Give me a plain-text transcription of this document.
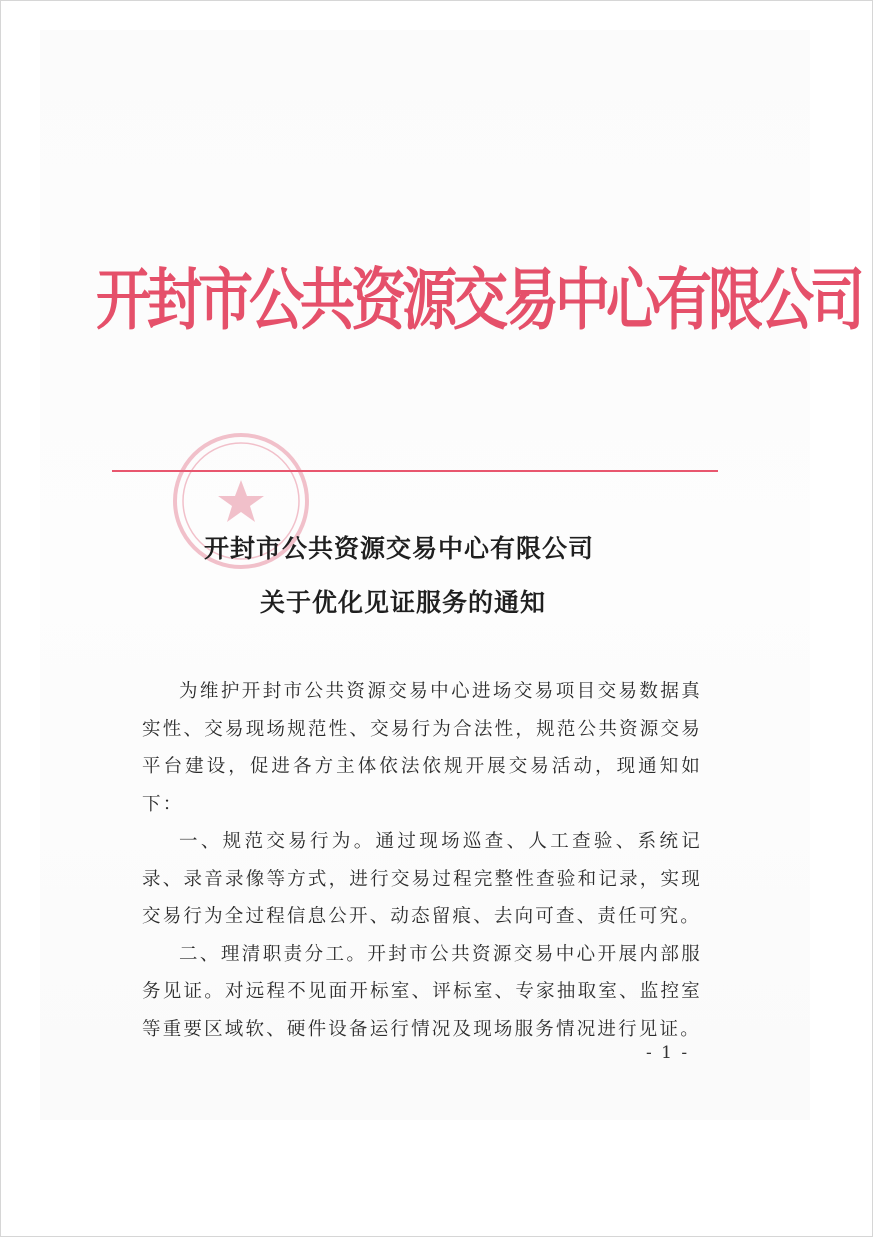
开封市公共资源交易中心有限公司
开封市公共资源交易中心有限公司
关于优化见证服务的通知

为维护开封市公共资源交易中心进场交易项目交易数据真实性、交易现场规范性、交易行为合法性，规范公共资源交易平台建设，促进各方主体依法依规开展交易活动，现通知如下：

一、规范交易行为。通过现场巡查、人工查验、系统记录、录音录像等方式，进行交易过程完整性查验和记录，实现交易行为全过程信息公开、动态留痕、去向可查、责任可究。

二、理清职责分工。开封市公共资源交易中心开展内部服务见证。对远程不见面开标室、评标室、专家抽取室、监控室等重要区域软、硬件设备运行情况及现场服务情况进行见证。

- 1 -
